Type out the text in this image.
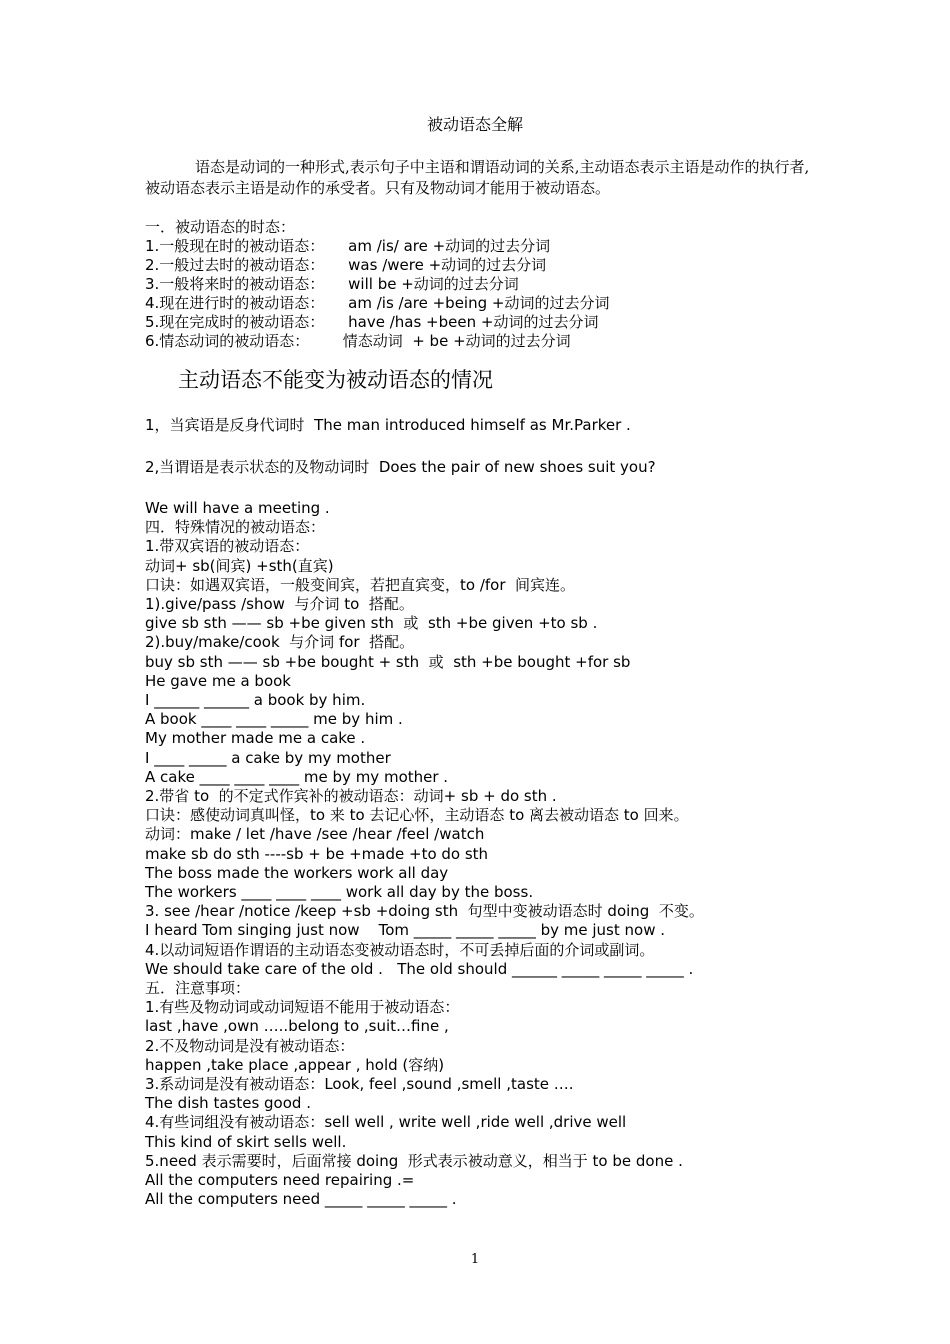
被动语态全解
语态是动词的一种形式,表示句子中主语和谓语动词的关系,主动语态表示主语是动作的执行者,被动语态表示主语是动作的承受者。只有及物动词才能用于被动语态。
一．被动语态的时态：
1.一般现在时的被动语态：     am /is/ are +动词的过去分词
2.一般过去时的被动语态：     was /were +动词的过去分词
3.一般将来时的被动语态：     will be +动词的过去分词
4.现在进行时的被动语态：     am /is /are +being +动词的过去分词
5.现在完成时的被动语态：     have /has +been +动词的过去分词
6.情态动词的被动语态：       情态动词  + be +动词的过去分词
主动语态不能变为被动语态的情况
1，当宾语是反身代词时  The man introduced himself as Mr.Parker .
2,当谓语是表示状态的及物动词时  Does the pair of new shoes suit you?
We will have a meeting .
四．特殊情况的被动语态：
1.带双宾语的被动语态：
动词+ sb(间宾) +sth(直宾)
口诀：如遇双宾语，一般变间宾，若把直宾变，to /for  间宾连。
1).give/pass /show  与介词 to  搭配。
give sb sth —— sb +be given sth  或  sth +be given +to sb .
2).buy/make/cook  与介词 for  搭配。
buy sb sth —— sb +be bought + sth  或  sth +be bought +for sb
He gave me a book
I ______ ______ a book by him.
A book ____ ____ _____ me by him .
My mother made me a cake .
I ____ _____ a cake by my mother
A cake ____ ____ ____ me by my mother .
2.带省 to  的不定式作宾补的被动语态：动词+ sb + do sth .
口诀：感使动词真叫怪，to 来 to 去记心怀，主动语态 to 离去被动语态 to 回来。
动词：make / let /have /see /hear /feel /watch
make sb do sth ----sb + be +made +to do sth
The boss made the workers work all day
The workers ____ ____ ____ work all day by the boss.
3. see /hear /notice /keep +sb +doing sth  句型中变被动语态时 doing  不变。
I heard Tom singing just now    Tom _____ _____ _____ by me just now .
4.以动词短语作谓语的主动语态变被动语态时，不可丢掉后面的介词或副词。
We should take care of the old .   The old should ______ _____ _____ _____ .
五．注意事项：
1.有些及物动词或动词短语不能用于被动语态：
last ,have ,own …..belong to ,suit…fine ,
2.不及物动词是没有被动语态：
happen ,take place ,appear , hold (容纳)
3.系动词是没有被动语态：Look, feel ,sound ,smell ,taste ….
The dish tastes good .
4.有些词组没有被动语态：sell well , write well ,ride well ,drive well
This kind of skirt sells well.
5.need 表示需要时，后面常接 doing  形式表示被动意义，相当于 to be done .
All the computers need repairing .=
All the computers need _____ _____ _____ .
1
